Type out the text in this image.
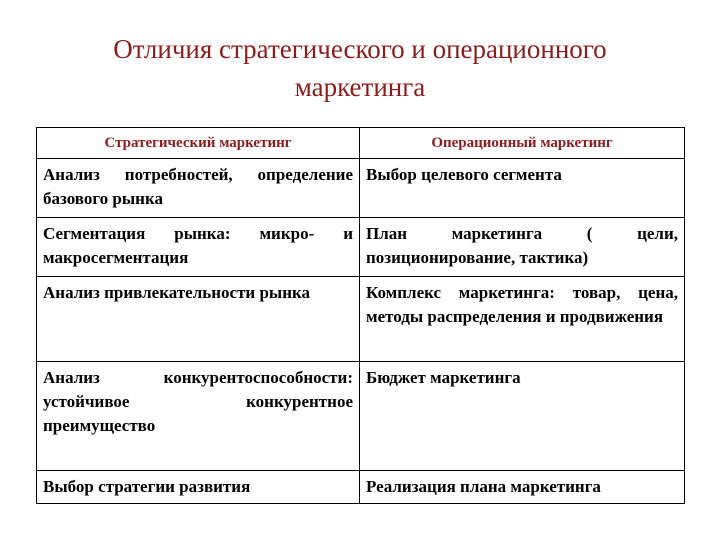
Отличия стратегического и операционного
маркетинга
Стратегический маркетинг	Операционный маркетинг
Анализ потребностей, определение базового рынка	Выбор целевого сегмента
Сегментация рынка: микро- и макросегментация	План маркетинга ( цели, позиционирование, тактика)
Анализ привлекательности рынка	Комплекс маркетинга: товар, цена, методы распределения и продвижения
Анализ конкурентоспособности: устойчивое конкурентное преимущество	Бюджет маркетинга
Выбор стратегии развития	Реализация плана маркетинга
